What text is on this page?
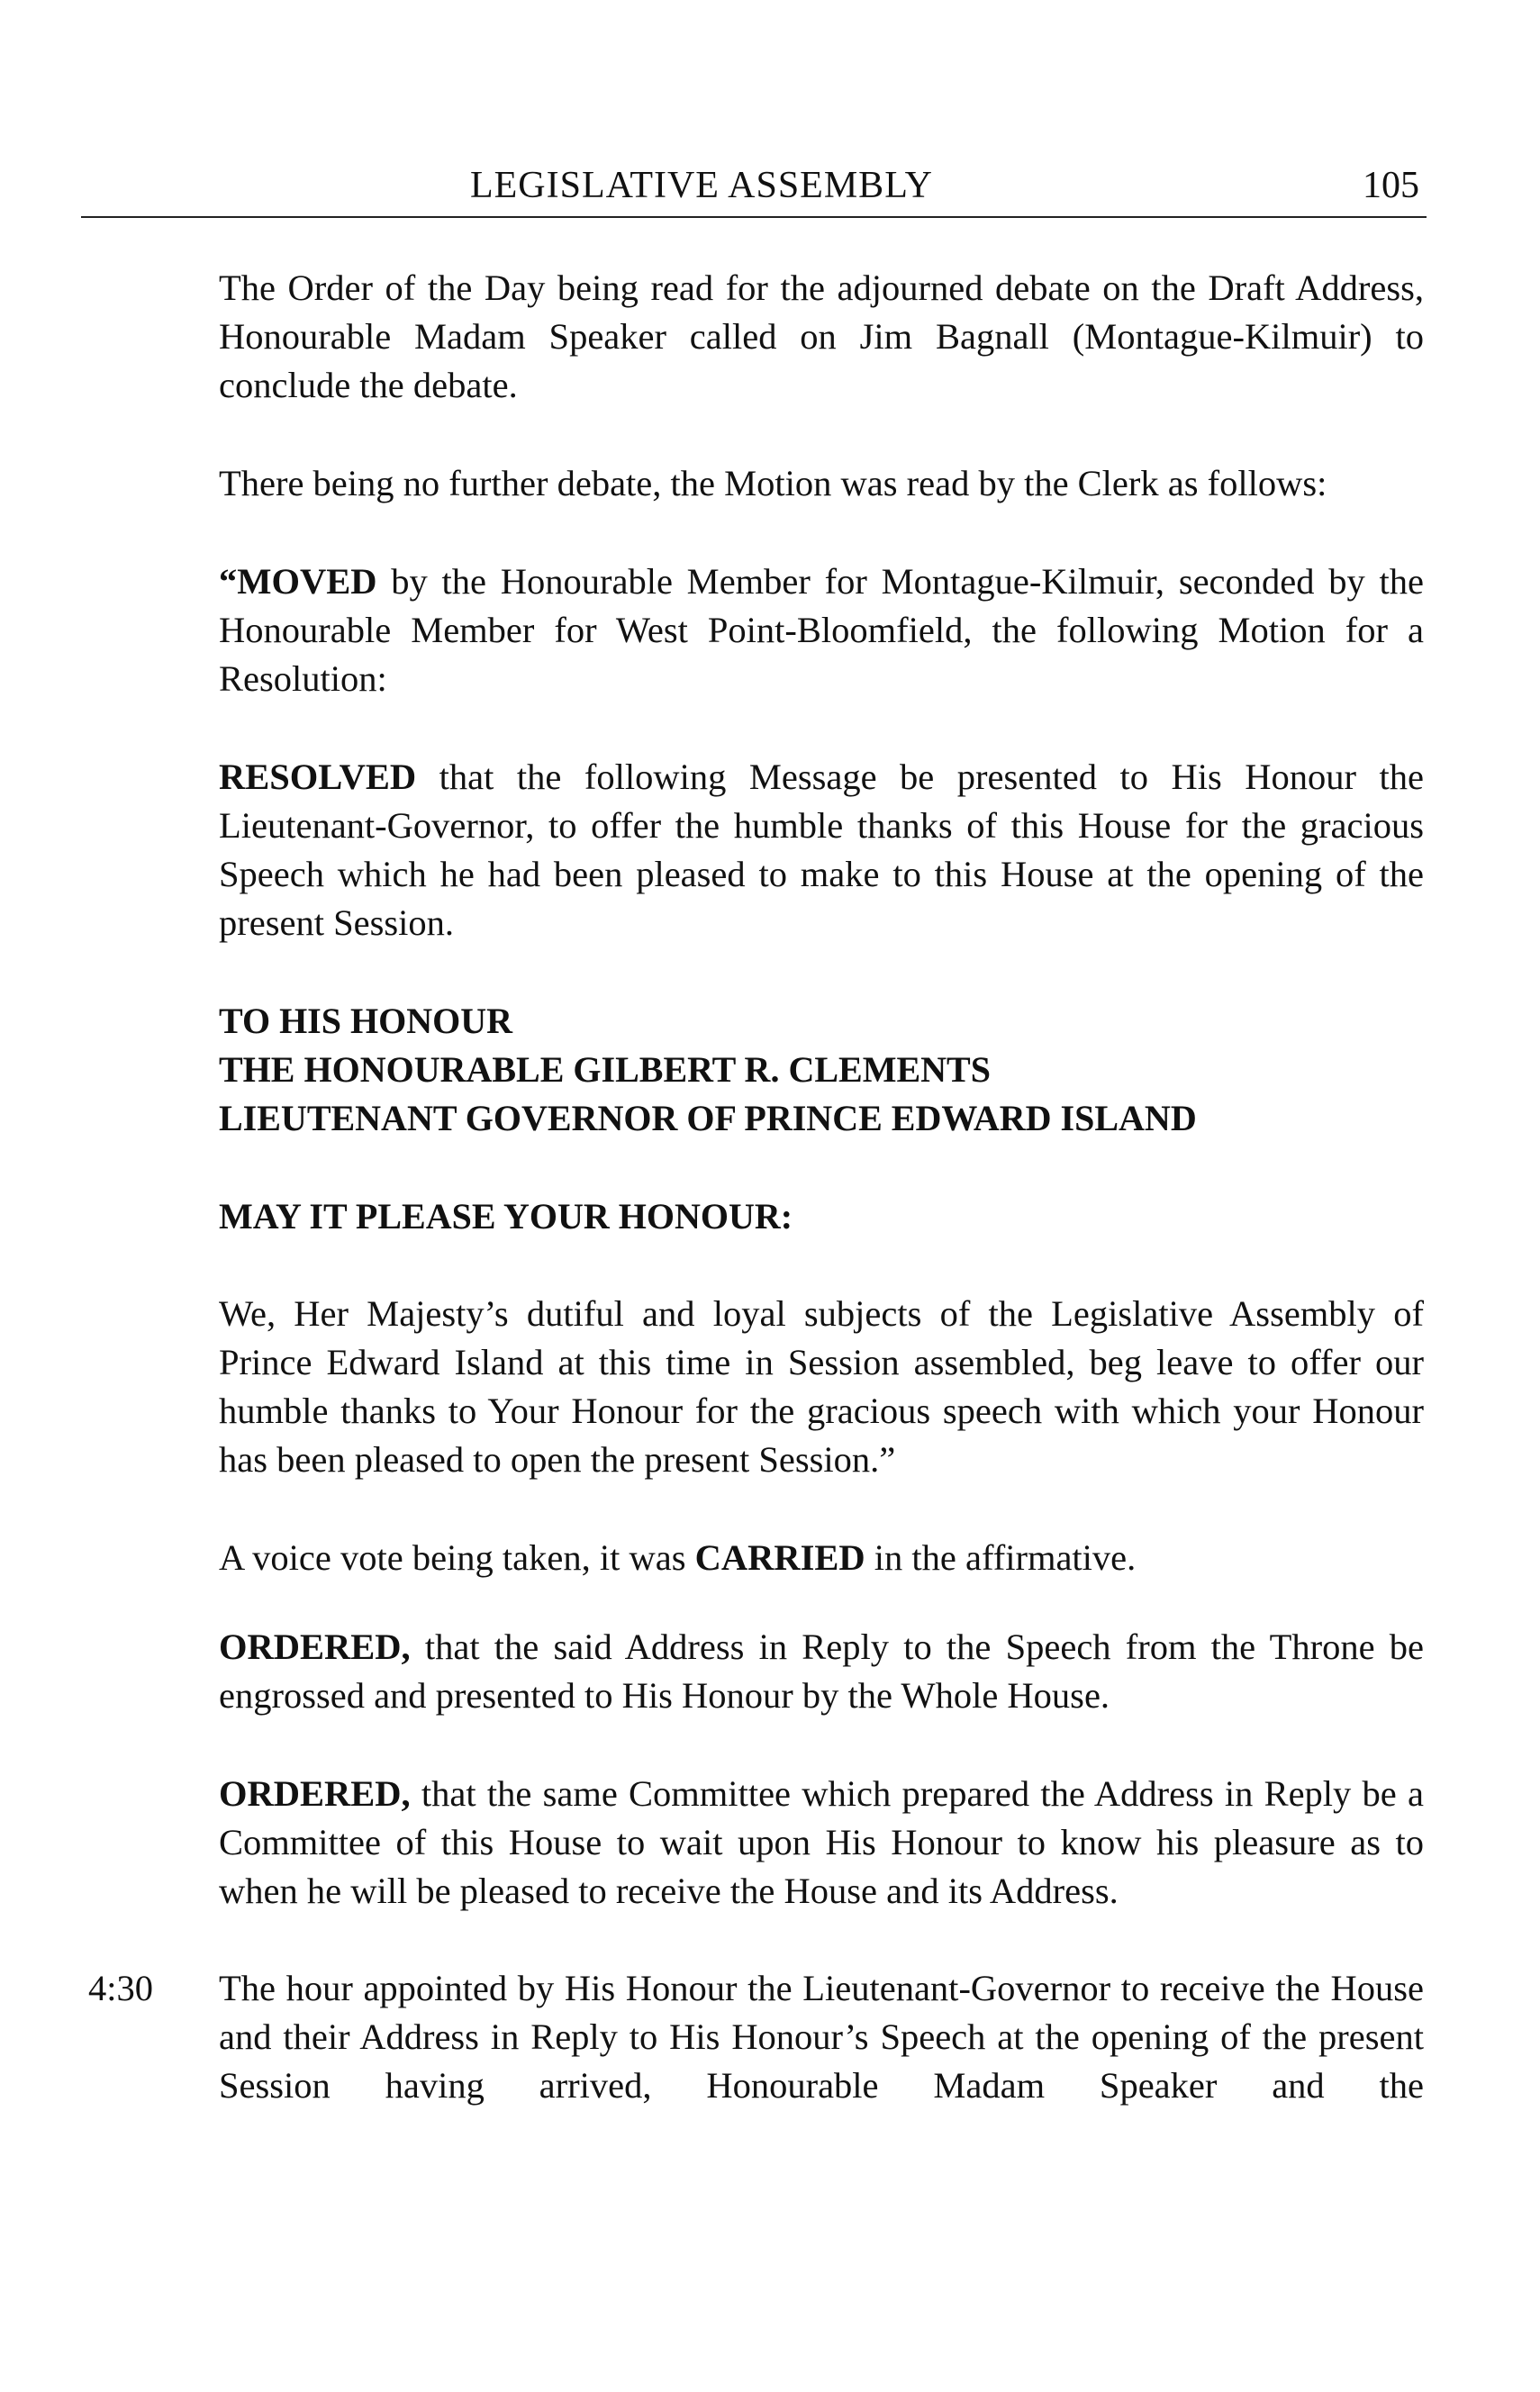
LEGISLATIVE ASSEMBLY	105

The Order of the Day being read for the adjourned debate on the Draft Address, Honourable Madam Speaker called on Jim Bagnall (Montague-Kilmuir) to conclude the debate.

There being no further debate, the Motion was read by the Clerk as follows:

“MOVED by the Honourable Member for Montague-Kilmuir, seconded by the Honourable Member for West Point-Bloomfield, the following Motion for a Resolution:

RESOLVED that the following Message be presented to His Honour the Lieutenant-Governor, to offer the humble thanks of this House for the gracious Speech which he had been pleased to make to this House at the opening of the present Session.

TO HIS HONOUR
THE HONOURABLE GILBERT R. CLEMENTS
LIEUTENANT GOVERNOR OF PRINCE EDWARD ISLAND
MAY IT PLEASE YOUR HONOUR:

We, Her Majesty’s dutiful and loyal subjects of the Legislative Assembly of Prince Edward Island at this time in Session assembled, beg leave to offer our humble thanks to Your Honour for the gracious speech with which your Honour has been pleased to open the present Session.”

A voice vote being taken, it was CARRIED in the affirmative.

ORDERED, that the said Address in Reply to the Speech from the Throne be engrossed and presented to His Honour by the Whole House.

ORDERED, that the same Committee which prepared the Address in Reply be a Committee of this House to wait upon His Honour to know his pleasure as to when he will be pleased to receive the House and its Address.

4:30 The hour appointed by His Honour the Lieutenant-Governor to receive the House and their Address in Reply to His Honour’s Speech at the opening of the present Session having arrived, Honourable Madam Speaker and the
